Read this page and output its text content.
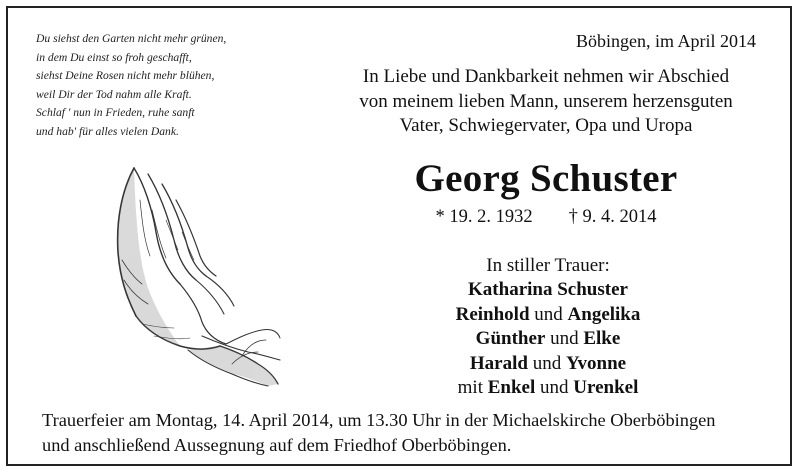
Du siehst den Garten nicht mehr grünen,
in dem Du einst so froh geschafft,
siehst Deine Rosen nicht mehr blühen,
weil Dir der Tod nahm alle Kraft.
Schlaf ' nun in Frieden, ruhe sanft
und hab' für alles vielen Dank.
Böbingen, im April 2014
In Liebe und Dankbarkeit nehmen wir Abschied
von meinem lieben Mann, unserem herzensguten
Vater, Schwiegervater, Opa und Uropa
Georg Schuster
* 19. 2. 1932 † 9. 4. 2014
In stiller Trauer:
Katharina Schuster
Reinhold und Angelika
Günther und Elke
Harald und Yvonne
mit Enkel und Urenkel
Trauerfeier am Montag, 14. April 2014, um 13.30 Uhr in der Michaelskirche Oberböbingen
und anschließend Aussegnung auf dem Friedhof Oberböbingen.
